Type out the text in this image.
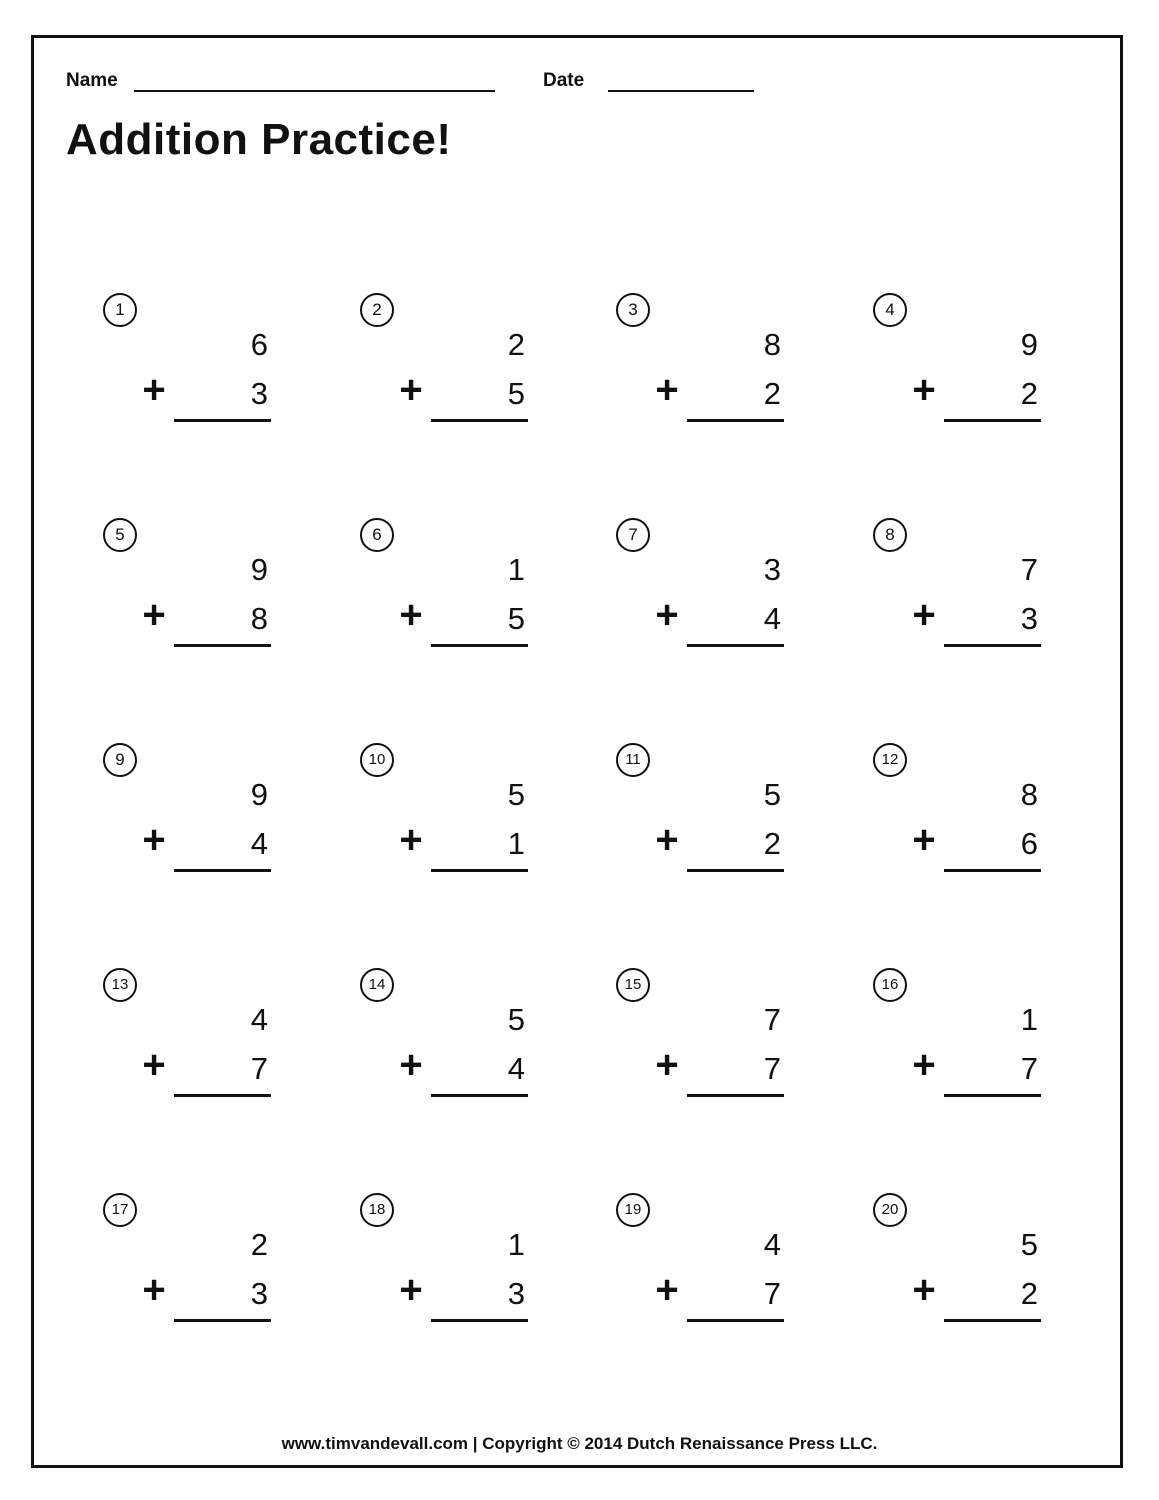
Name	Date
Addition Practice!
1
6
+	3
2
2
+	5
3
8
+	2
4
9
+	2
5
9
+	8
6
1
+	5
7
3
+	4
8
7
+	3
9
9
+	4
10
5
+	1
11
5
+	2
12
8
+	6
13
4
+	7
14
5
+	4
15
7
+	7
16
1
+	7
17
2
+	3
18
1
+	3
19
4
+	7
20
5
+	2
www.timvandevall.com | Copyright © 2014 Dutch Renaissance Press LLC.
